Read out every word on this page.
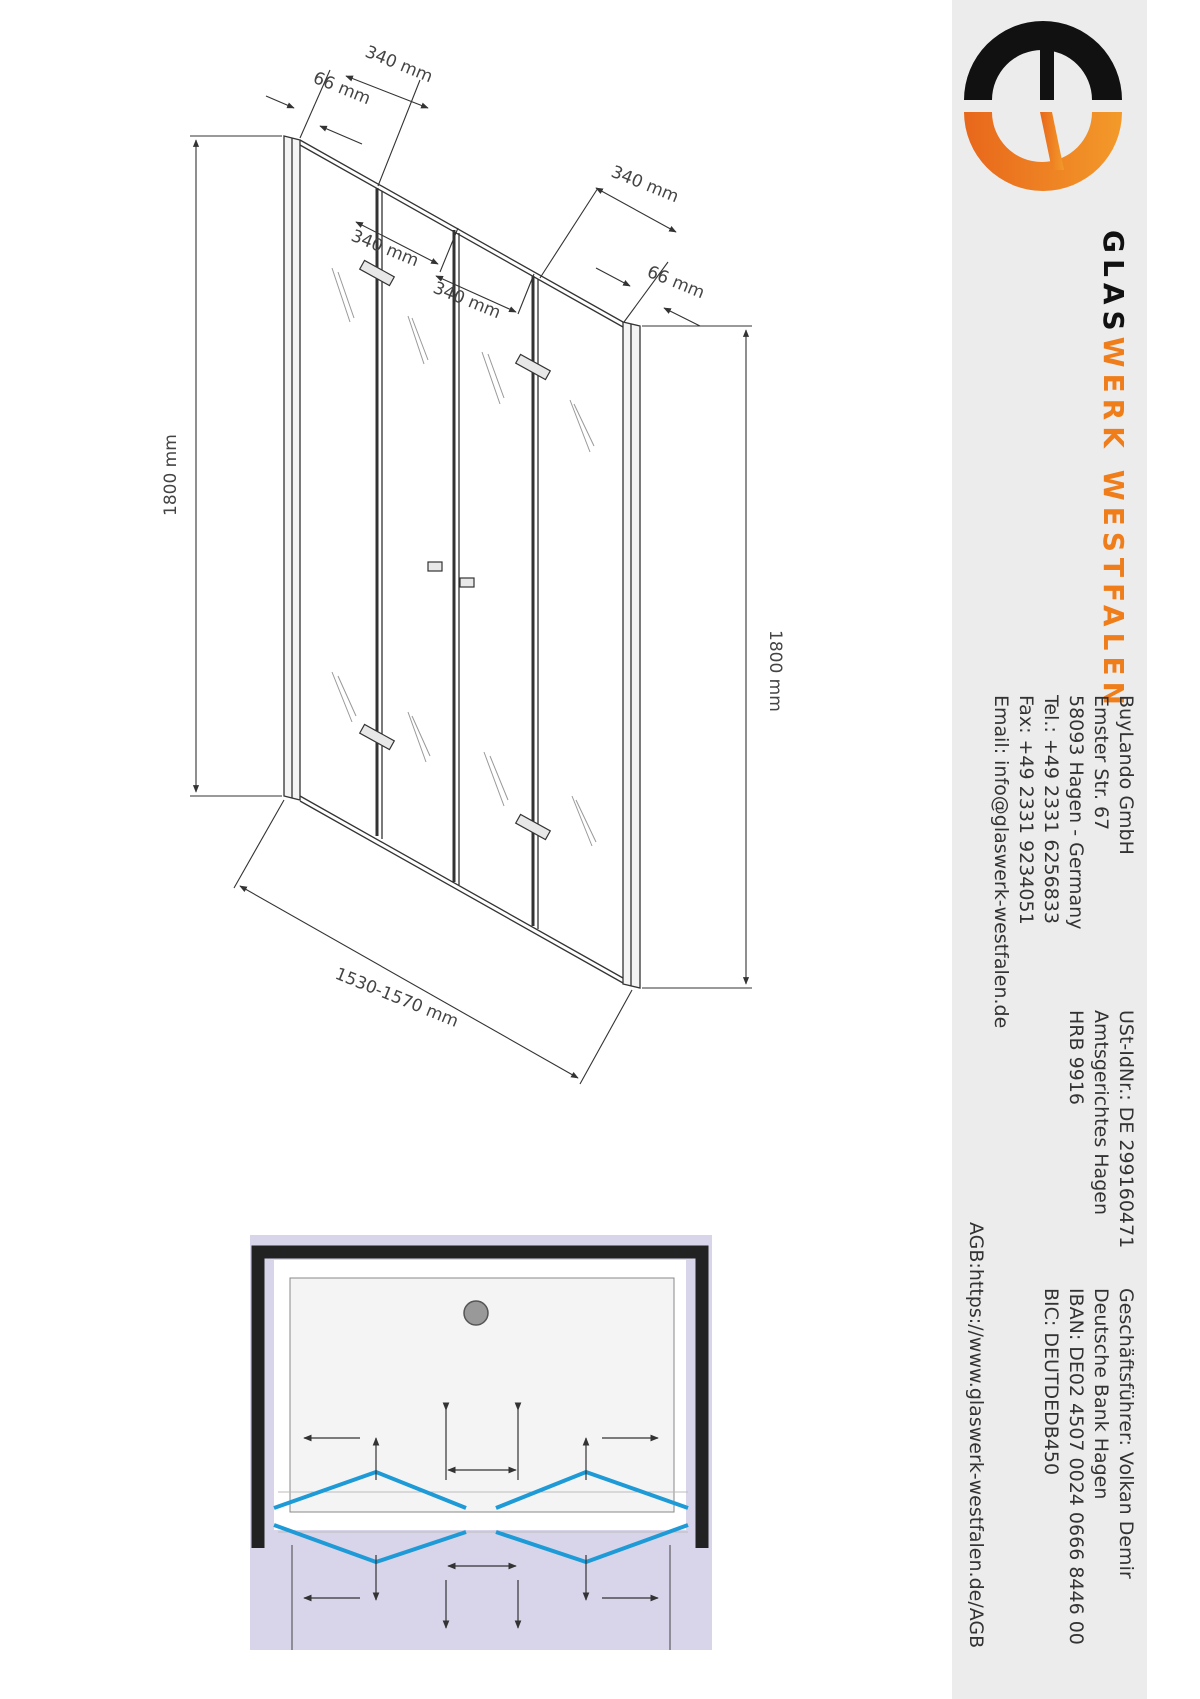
340 mm
66 mm
340 mm
340 mm
340 mm
66 mm
1800 mm
1800 mm
1530-1570 mm
GLASWERK WESTFALEN
BuyLando GmbH
Emster Str. 67
58093 Hagen - Germany
Tel.: +49 2331 6256833
Fax: +49 2331 9234051
Email: info@glaswerk-westfalen.de
USt-IdNr.: DE 299160471
Amtsgerichtes Hagen
HRB 9916
Geschäftsführer: Volkan Demir
Deutsche Bank Hagen
IBAN: DE02 4507 0024 0666 8446 00
BIC: DEUTDEDB450
AGB:https://www.glaswerk-westfalen.de/AGB
